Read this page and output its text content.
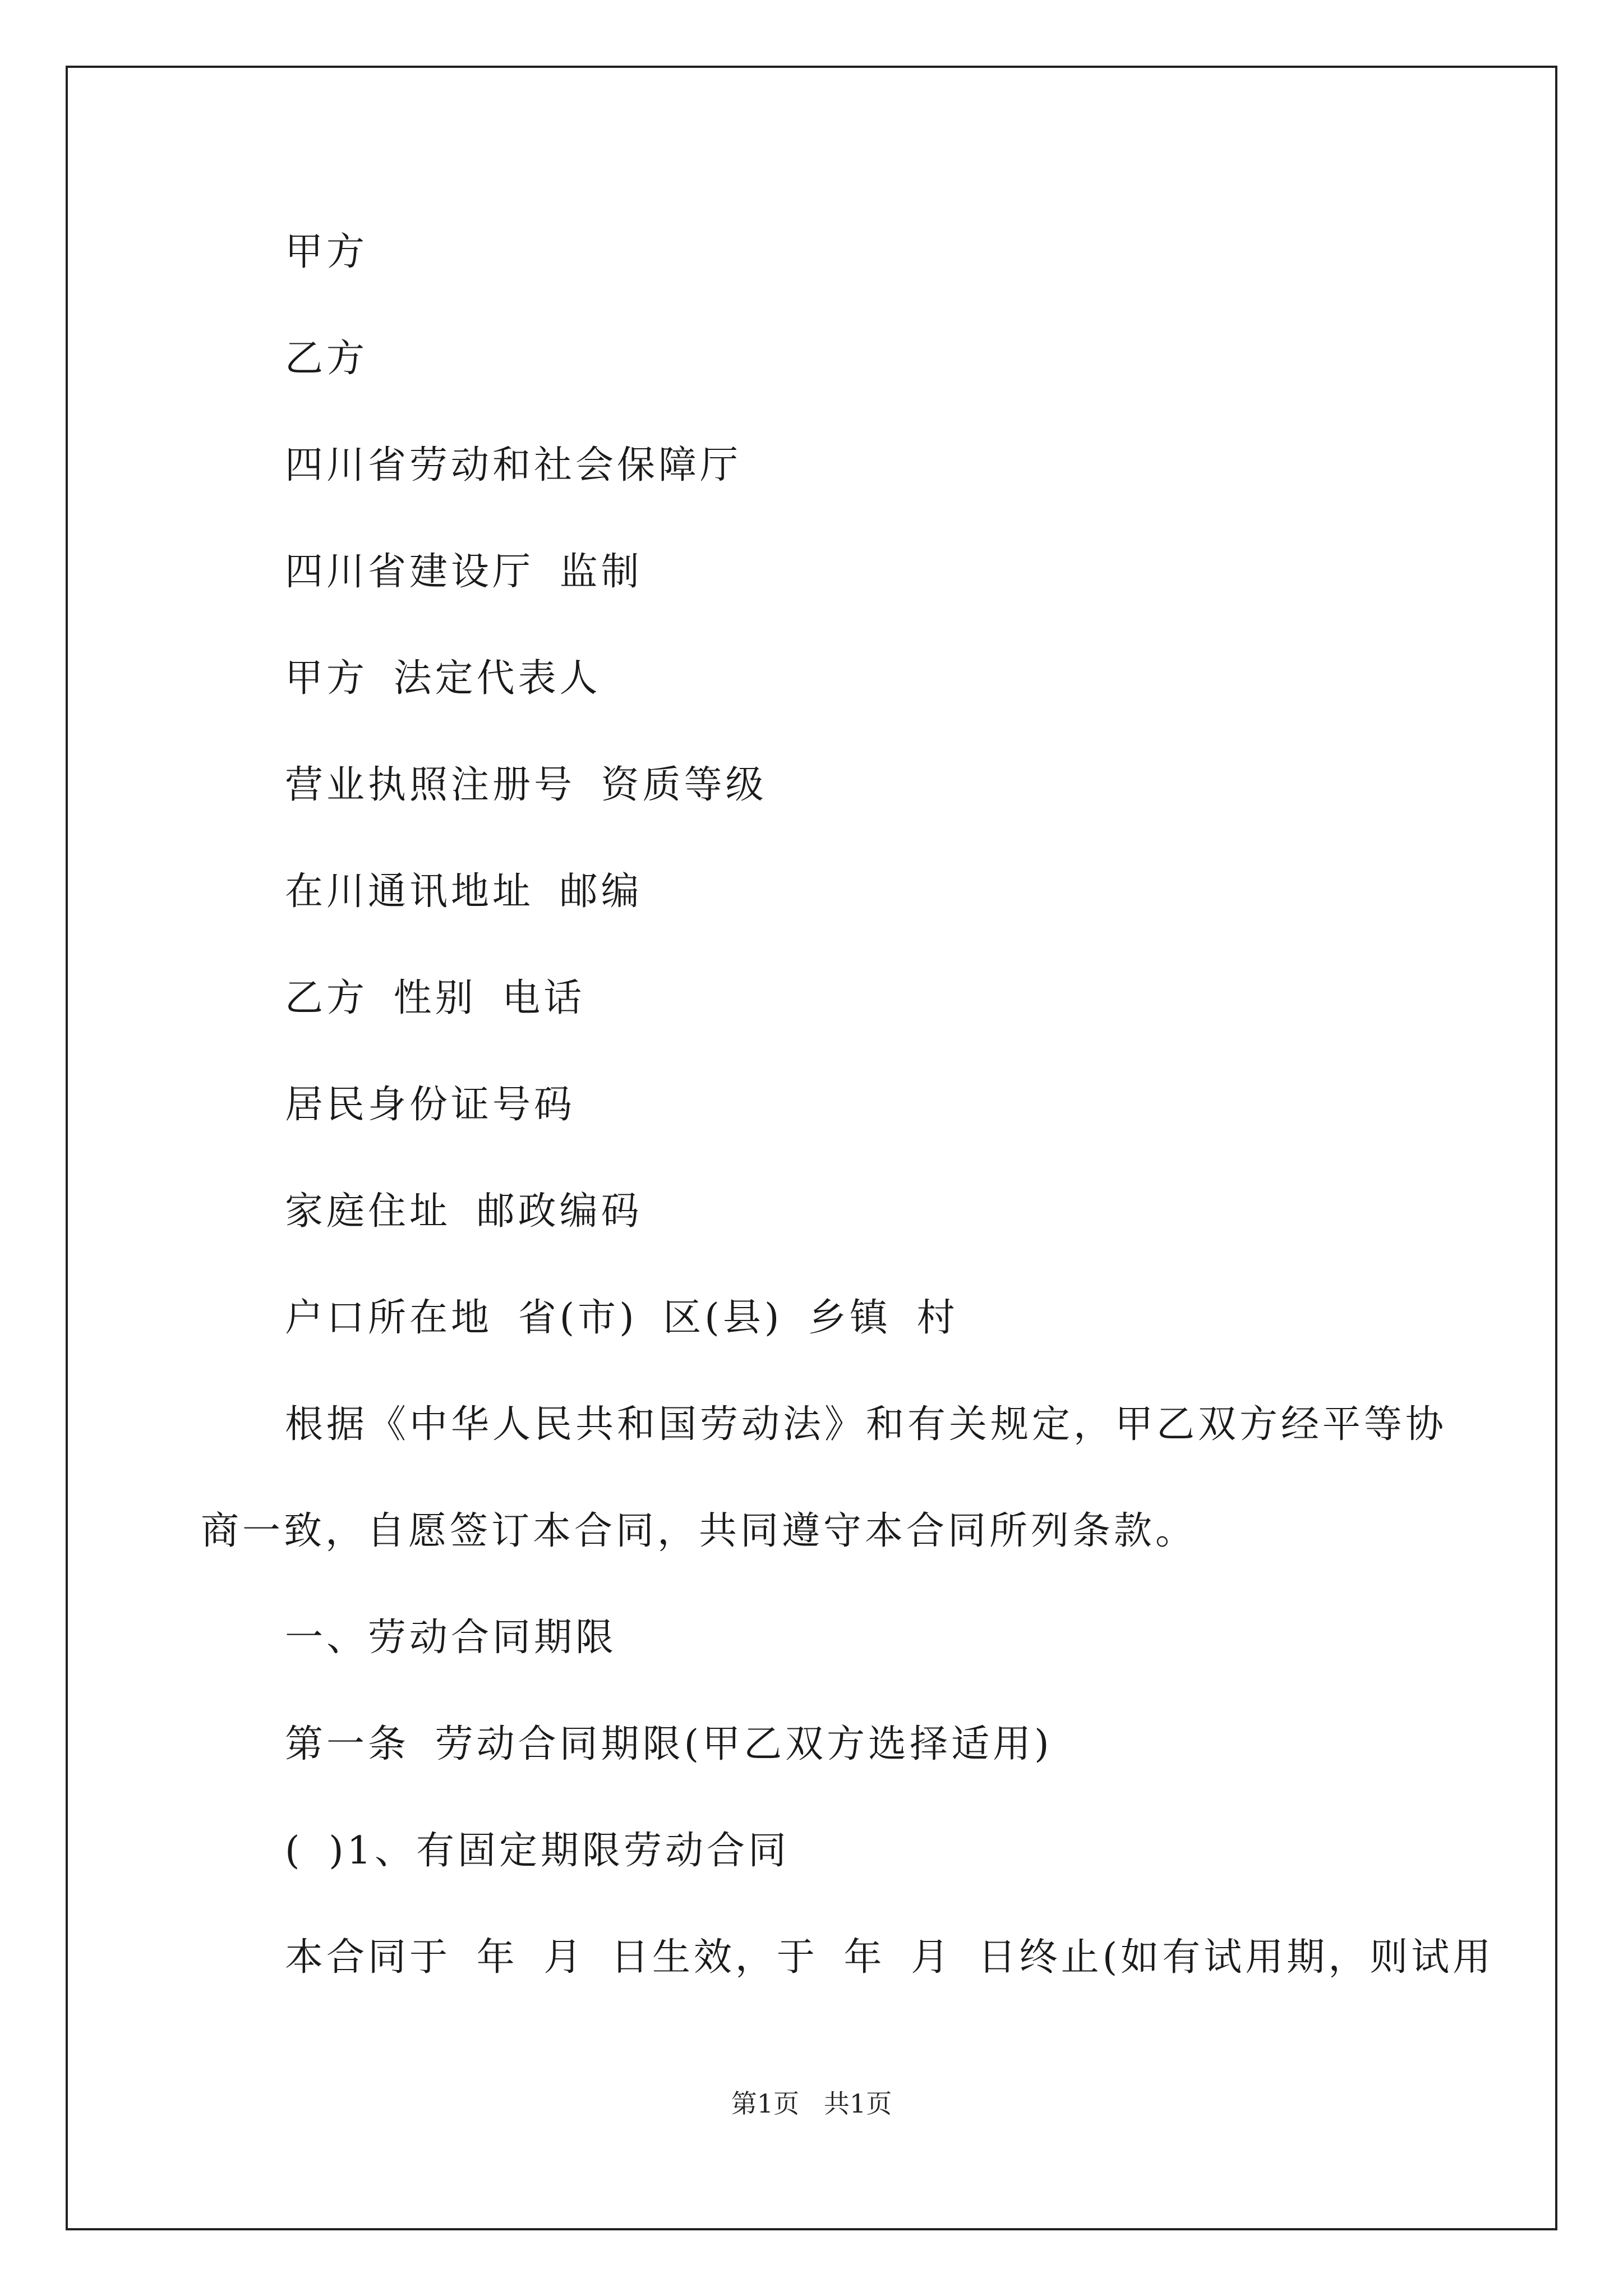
甲方
乙方
四川省劳动和社会保障厅
四川省建设厅 监制
甲方 法定代表人
营业执照注册号 资质等级
在川通讯地址 邮编
乙方 性别 电话
居民身份证号码
家庭住址 邮政编码
户口所在地 省(市) 区(县) 乡镇 村
根据《中华人民共和国劳动法》和有关规定，甲乙双方经平等协
商一致，自愿签订本合同，共同遵守本合同所列条款。
一、劳动合同期限
第一条 劳动合同期限(甲乙双方选择适用)
( )1、有固定期限劳动合同
本合同于 年 月 日生效，于 年 月 日终止(如有试用期，则试用
第1页   共1页
